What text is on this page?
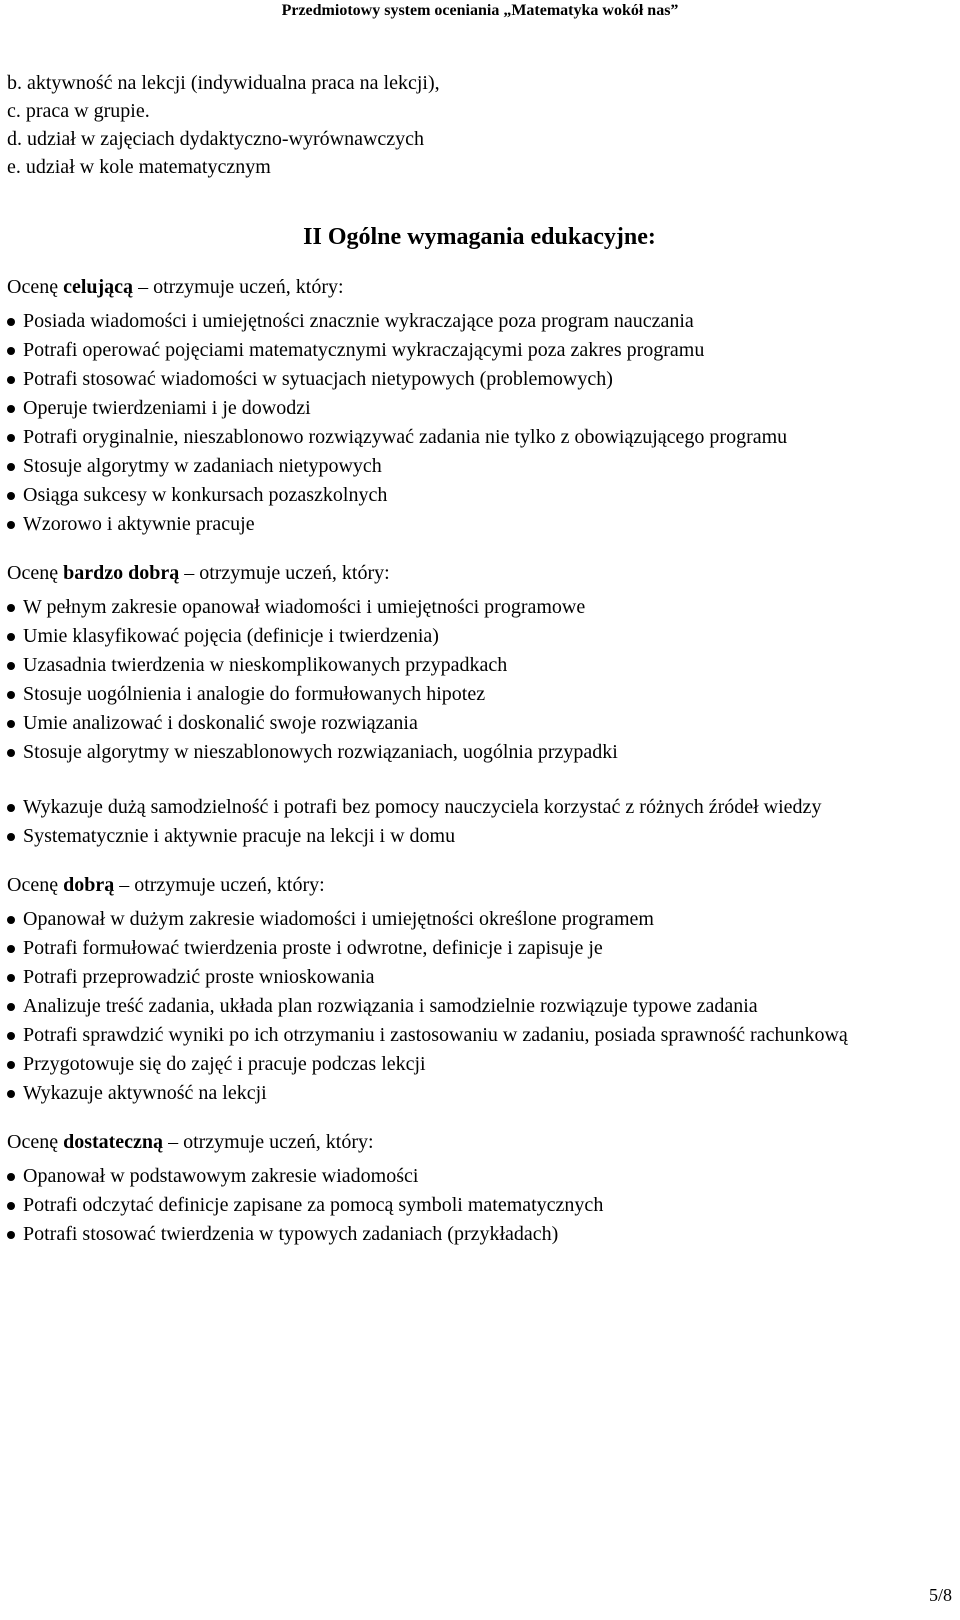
Przedmiotowy system oceniania „Matematyka wokół nas”
b. aktywność na lekcji (indywidualna praca na lekcji),
c. praca w grupie.
d. udział w zajęciach dydaktyczno-wyrównawczych
e. udział w kole matematycznym
II Ogólne wymagania edukacyjne:
Ocenę celującą – otrzymuje uczeń, który:
Posiada wiadomości i umiejętności znacznie wykraczające poza program nauczania
Potrafi operować pojęciami matematycznymi wykraczającymi poza zakres programu
Potrafi stosować wiadomości w sytuacjach nietypowych (problemowych)
Operuje twierdzeniami i je dowodzi
Potrafi oryginalnie, nieszablonowo rozwiązywać zadania nie tylko z obowiązującego programu
Stosuje algorytmy w zadaniach nietypowych
Osiąga sukcesy w konkursach pozaszkolnych
Wzorowo i aktywnie pracuje
Ocenę bardzo dobrą – otrzymuje uczeń, który:
W pełnym zakresie opanował wiadomości i umiejętności programowe
Umie klasyfikować pojęcia (definicje i twierdzenia)
Uzasadnia twierdzenia w nieskomplikowanych przypadkach
Stosuje uogólnienia i analogie do formułowanych hipotez
Umie analizować i doskonalić swoje rozwiązania
Stosuje algorytmy w nieszablonowych rozwiązaniach, uogólnia przypadki
Wykazuje dużą samodzielność i potrafi bez pomocy nauczyciela korzystać z różnych źródeł wiedzy
Systematycznie i aktywnie pracuje na lekcji i w domu
Ocenę dobrą – otrzymuje uczeń, który:
Opanował w dużym zakresie wiadomości i umiejętności określone programem
Potrafi formułować twierdzenia proste i odwrotne, definicje i zapisuje je
Potrafi przeprowadzić proste wnioskowania
Analizuje treść zadania, układa plan rozwiązania i samodzielnie rozwiązuje typowe zadania
Potrafi sprawdzić wyniki po ich otrzymaniu i zastosowaniu w zadaniu, posiada sprawność rachunkową
Przygotowuje się do zajęć i pracuje podczas lekcji
Wykazuje aktywność na lekcji
Ocenę dostateczną – otrzymuje uczeń, który:
Opanował w podstawowym zakresie wiadomości
Potrafi odczytać definicje zapisane za pomocą symboli matematycznych
Potrafi stosować twierdzenia w typowych zadaniach (przykładach)
5/8
